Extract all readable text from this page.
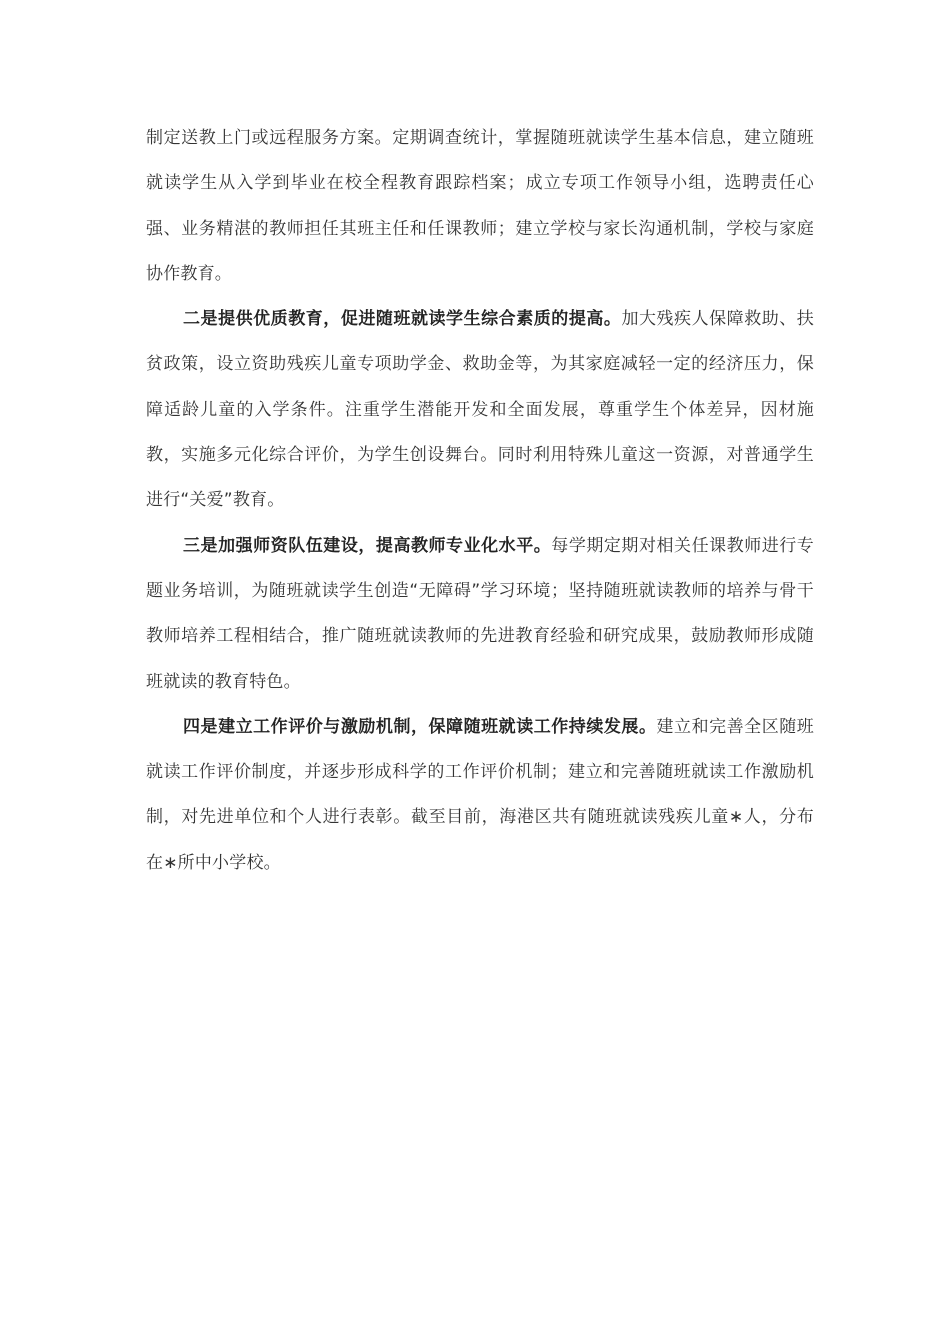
制定送教上门或远程服务方案。定期调查统计，掌握随班就读学生基本信息，建立随班就读学生从入学到毕业在校全程教育跟踪档案；成立专项工作领导小组，选聘责任心强、业务精湛的教师担任其班主任和任课教师；建立学校与家长沟通机制，学校与家庭协作教育。

二是提供优质教育，促进随班就读学生综合素质的提高。加大残疾人保障救助、扶贫政策，设立资助残疾儿童专项助学金、救助金等，为其家庭减轻一定的经济压力，保障适龄儿童的入学条件。注重学生潜能开发和全面发展，尊重学生个体差异，因材施教，实施多元化综合评价，为学生创设舞台。同时利用特殊儿童这一资源，对普通学生进行“关爱”教育。

三是加强师资队伍建设，提高教师专业化水平。每学期定期对相关任课教师进行专题业务培训，为随班就读学生创造“无障碍”学习环境；坚持随班就读教师的培养与骨干教师培养工程相结合，推广随班就读教师的先进教育经验和研究成果，鼓励教师形成随班就读的教育特色。

四是建立工作评价与激励机制，保障随班就读工作持续发展。建立和完善全区随班就读工作评价制度，并逐步形成科学的工作评价机制；建立和完善随班就读工作激励机制，对先进单位和个人进行表彰。截至目前，海港区共有随班就读残疾儿童∗人，分布在∗所中小学校。
